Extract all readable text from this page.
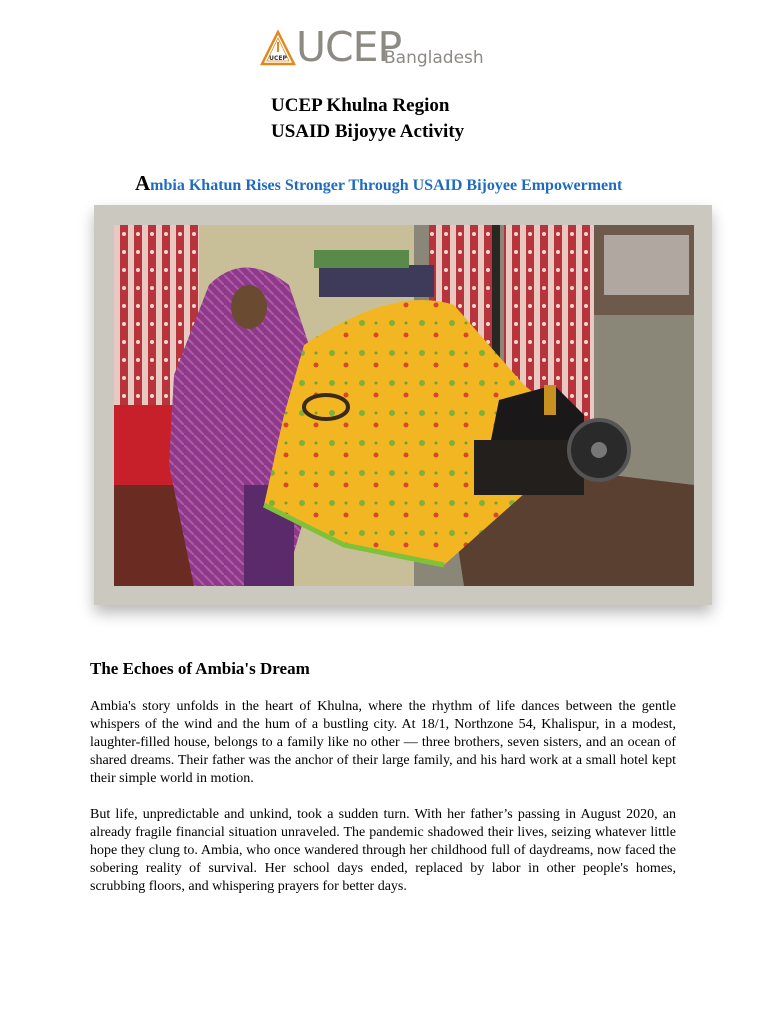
UCEP UCEP
Bangladesh
UCEP Khulna Region
USAID Bijoyye Activity
Ambia Khatun Rises Stronger Through USAID Bijoyee Empowerment
The Echoes of Ambia's Dream

Ambia's story unfolds in the heart of Khulna, where the rhythm of life dances between the gentle whispers of the wind and the hum of a bustling city. At 18/1, Northzone 54, Khalispur, in a modest, laughter-filled house, belongs to a family like no other — three brothers, seven sisters, and an ocean of shared dreams. Their father was the anchor of their large family, and his hard work at a small hotel kept their simple world in motion.

But life, unpredictable and unkind, took a sudden turn. With her father’s passing in August 2020, an already fragile financial situation unraveled. The pandemic shadowed their lives, seizing whatever little hope they clung to. Ambia, who once wandered through her childhood full of daydreams, now faced the sobering reality of survival. Her school days ended, replaced by labor in other people's homes, scrubbing floors, and whispering prayers for better days.
